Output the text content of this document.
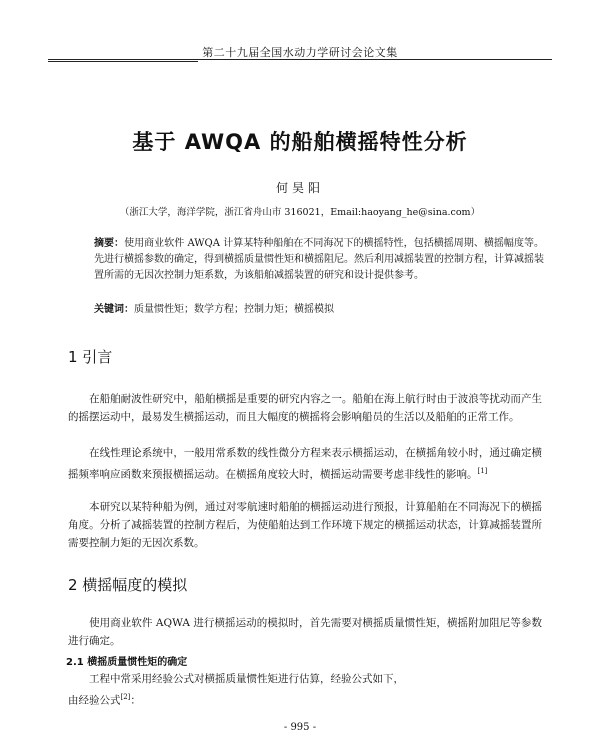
第二十九届全国水动力学研讨会论文集
基于 AWQA 的船舶横摇特性分析
何昊阳
（浙江大学，海洋学院，浙江省舟山市 316021，Email:haoyang_he@sina.com）
摘要：使用商业软件 AWQA 计算某特种船舶在不同海况下的横摇特性，包括横摇周期、横摇幅度等。先进行横摇参数的确定，得到横摇质量惯性矩和横摇阻尼。然后利用减摇装置的控制方程，计算减摇装置所需的无因次控制力矩系数，为该船舶减摇装置的研究和设计提供参考。
关键词：质量惯性矩；数学方程；控制力矩；横摇模拟
1 引言
在船舶耐波性研究中，船舶横摇是重要的研究内容之一。船舶在海上航行时由于波浪等扰动而产生的摇摆运动中，最易发生横摇运动，而且大幅度的横摇将会影响船员的生活以及船舶的正常工作。
在线性理论系统中，一般用常系数的线性微分方程来表示横摇运动，在横摇角较小时，通过确定横摇频率响应函数来预报横摇运动。在横摇角度较大时，横摇运动需要考虑非线性的影响。[1]
本研究以某特种船为例，通过对零航速时船舶的横摇运动进行预报，计算船舶在不同海况下的横摇角度。分析了减摇装置的控制方程后，为使船舶达到工作环境下规定的横摇运动状态，计算减摇装置所需要控制力矩的无因次系数。
2 横摇幅度的模拟
使用商业软件 AQWA 进行横摇运动的模拟时，首先需要对横摇质量惯性矩，横摇附加阻尼等参数进行确定。
2.1 横摇质量惯性矩的确定
工程中常采用经验公式对横摇质量惯性矩进行估算，经验公式如下，
由经验公式[2]：
- 995 -
